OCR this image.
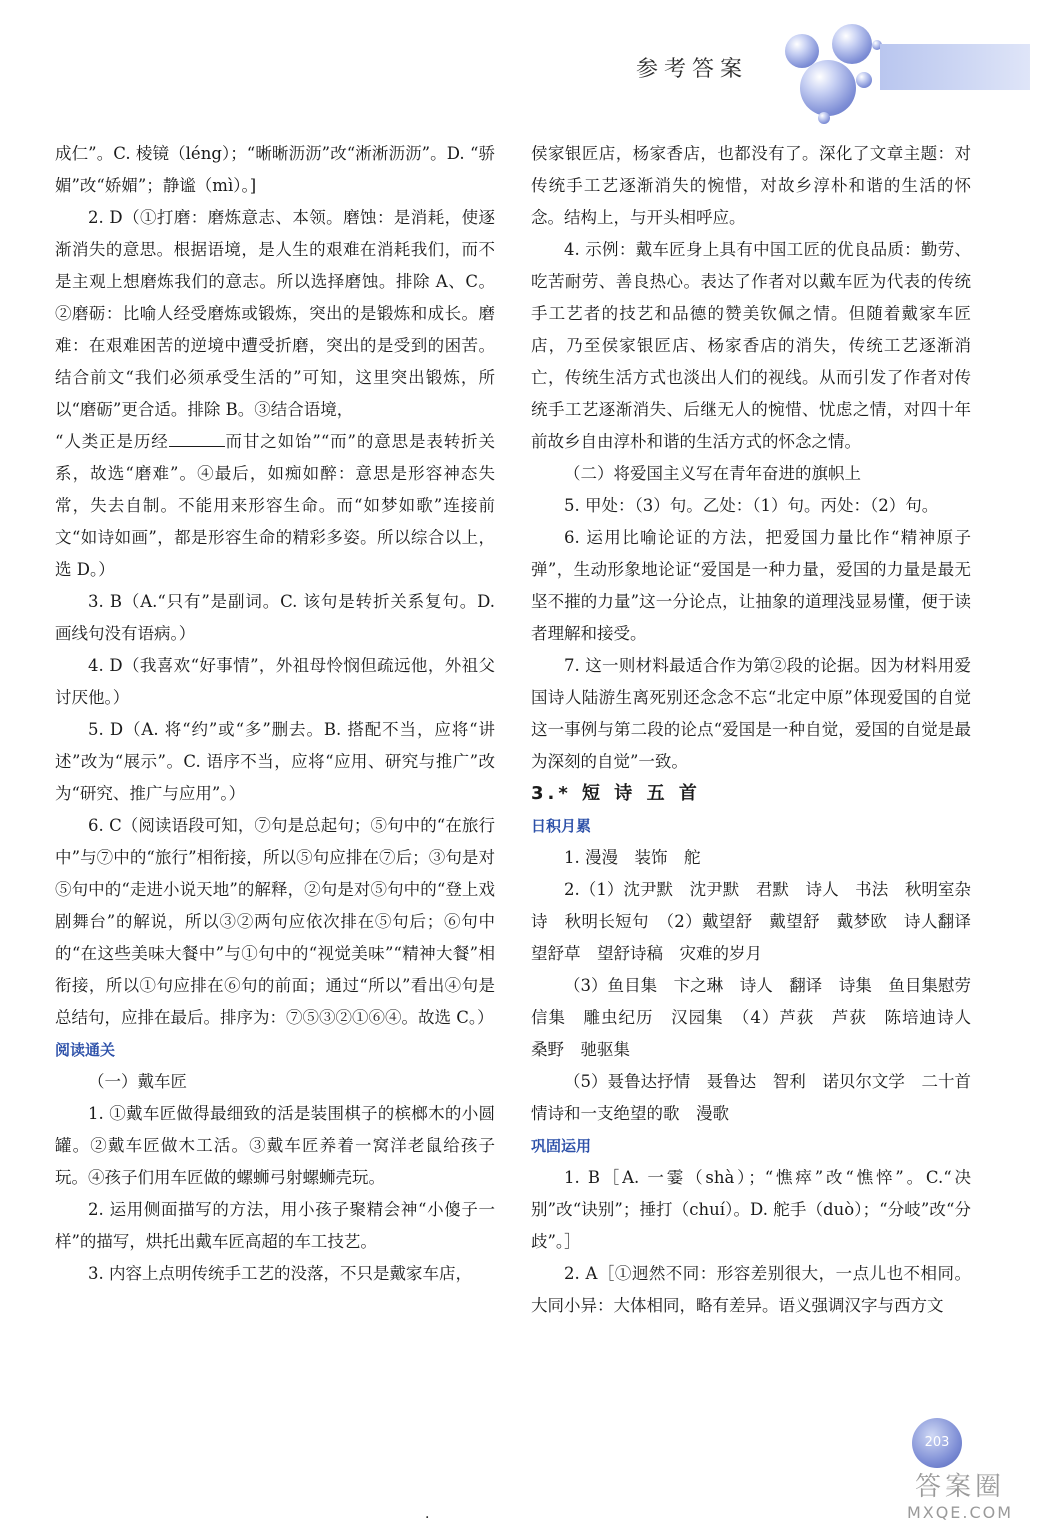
参考答案

成仁”。C. 棱镜（léng）；“晰晰沥沥”改“淅淅沥沥”。D. “骄媚”改“娇媚”；静谧（mì）。]

2. D（①打磨：磨炼意志、本领。磨蚀：是消耗，使逐渐消失的意思。根据语境，是人生的艰难在消耗我们，而不是主观上想磨炼我们的意志。所以选择磨蚀。排除 A、C。②磨砺：比喻人经受磨炼或锻炼，突出的是锻炼和成长。磨难：在艰难困苦的逆境中遭受折磨，突出的是受到的困苦。结合前文“我们必须承受生活的”可知，这里突出锻炼，所以“磨砺”更合适。排除 B。③结合语境，

“人类正是历经	而甘之如饴”“而”的意思是表转折关系，故选“磨难”。④最后，如痴如醉：意思是形容神态失常，失去自制。不能用来形容生命。而“如梦如歌”连接前文“如诗如画”，都是形容生命的精彩多姿。所以综合以上，选 D。）

3. B（A.“只有”是副词。C. 该句是转折关系复句。D. 画线句没有语病。）

4. D（我喜欢“好事情”，外祖母怜悯但疏远他，外祖父讨厌他。）

5. D（A. 将“约”或“多”删去。B. 搭配不当，应将“讲述”改为“展示”。C. 语序不当，应将“应用、研究与推广”改为“研究、推广与应用”。）

6. C（阅读语段可知，⑦句是总起句；⑤句中的“在旅行中”与⑦中的“旅行”相衔接，所以⑤句应排在⑦后；③句是对⑤句中的“走进小说天地”的解释，②句是对⑤句中的“登上戏剧舞台”的解说，所以③②两句应依次排在⑤句后；⑥句中的“在这些美味大餐中”与①句中的“视觉美味”“精神大餐”相衔接，所以①句应排在⑥句的前面；通过“所以”看出④句是总结句，应排在最后。排序为：⑦⑤③②①⑥④。故选 C。）

阅读通关

（一）戴车匠

1. ①戴车匠做得最细致的活是装围棋子的槟榔木的小圆罐。②戴车匠做木工活。③戴车匠养着一窝洋老鼠给孩子玩。④孩子们用车匠做的螺蛳弓射螺蛳壳玩。

2. 运用侧面描写的方法，用小孩子聚精会神“小傻子一样”的描写，烘托出戴车匠高超的车工技艺。

3. 内容上点明传统手工艺的没落，不只是戴家车店，

侯家银匠店，杨家香店，也都没有了。深化了文章主题：对传统手工艺逐渐消失的惋惜，对故乡淳朴和谐的生活的怀念。结构上，与开头相呼应。

4. 示例：戴车匠身上具有中国工匠的优良品质：勤劳、吃苦耐劳、善良热心。表达了作者对以戴车匠为代表的传统手工艺者的技艺和品德的赞美钦佩之情。但随着戴家车匠店，乃至侯家银匠店、杨家香店的消失，传统工艺逐渐消亡，传统生活方式也淡出人们的视线。从而引发了作者对传统手工艺逐渐消失、后继无人的惋惜、忧虑之情，对四十年前故乡自由淳朴和谐的生活方式的怀念之情。

（二）将爱国主义写在青年奋进的旗帜上

5. 甲处：（3）句。乙处：（1）句。丙处：（2）句。

6. 运用比喻论证的方法，把爱国力量比作“精神原子弹”，生动形象地论证“爱国是一种力量，爱国的力量是最无坚不摧的力量”这一分论点，让抽象的道理浅显易懂，便于读者理解和接受。

7. 这一则材料最适合作为第②段的论据。因为材料用爱国诗人陆游生离死别还念念不忘“北定中原”体现爱国的自觉这一事例与第二段的论点“爱国是一种自觉，爱国的自觉是最为深刻的自觉”一致。

3.* 短 诗 五 首

日积月累

1. 漫漫　装饰　舵

2.（1）沈尹默　沈尹默　君默　诗人　书法　秋明室杂诗　秋明长短句　（2）戴望舒　戴望舒　戴梦欧　诗人翻译　望舒草　望舒诗稿　灾难的岁月

（3）鱼目集　卞之琳　诗人　翻译　诗集　鱼目集慰劳信集　雕虫纪历　汉园集　（4）芦荻　芦荻　陈培迪诗人　桑野　驰驱集

（5）聂鲁达抒情　聂鲁达　智利　诺贝尔文学　二十首情诗和一支绝望的歌　漫歌

巩固运用

1. B［A. 一霎（shà）；“憔瘁”改“憔悴”。C.“决别”改“诀别”；捶打（chuí）。D. 舵手（duò）；“分岐”改“分歧”。］

2. A［①迥然不同：形容差别很大，一点儿也不相同。大同小异：大体相同，略有差异。语义强调汉字与西方文

203
答案圈
MXQE.COM
·
